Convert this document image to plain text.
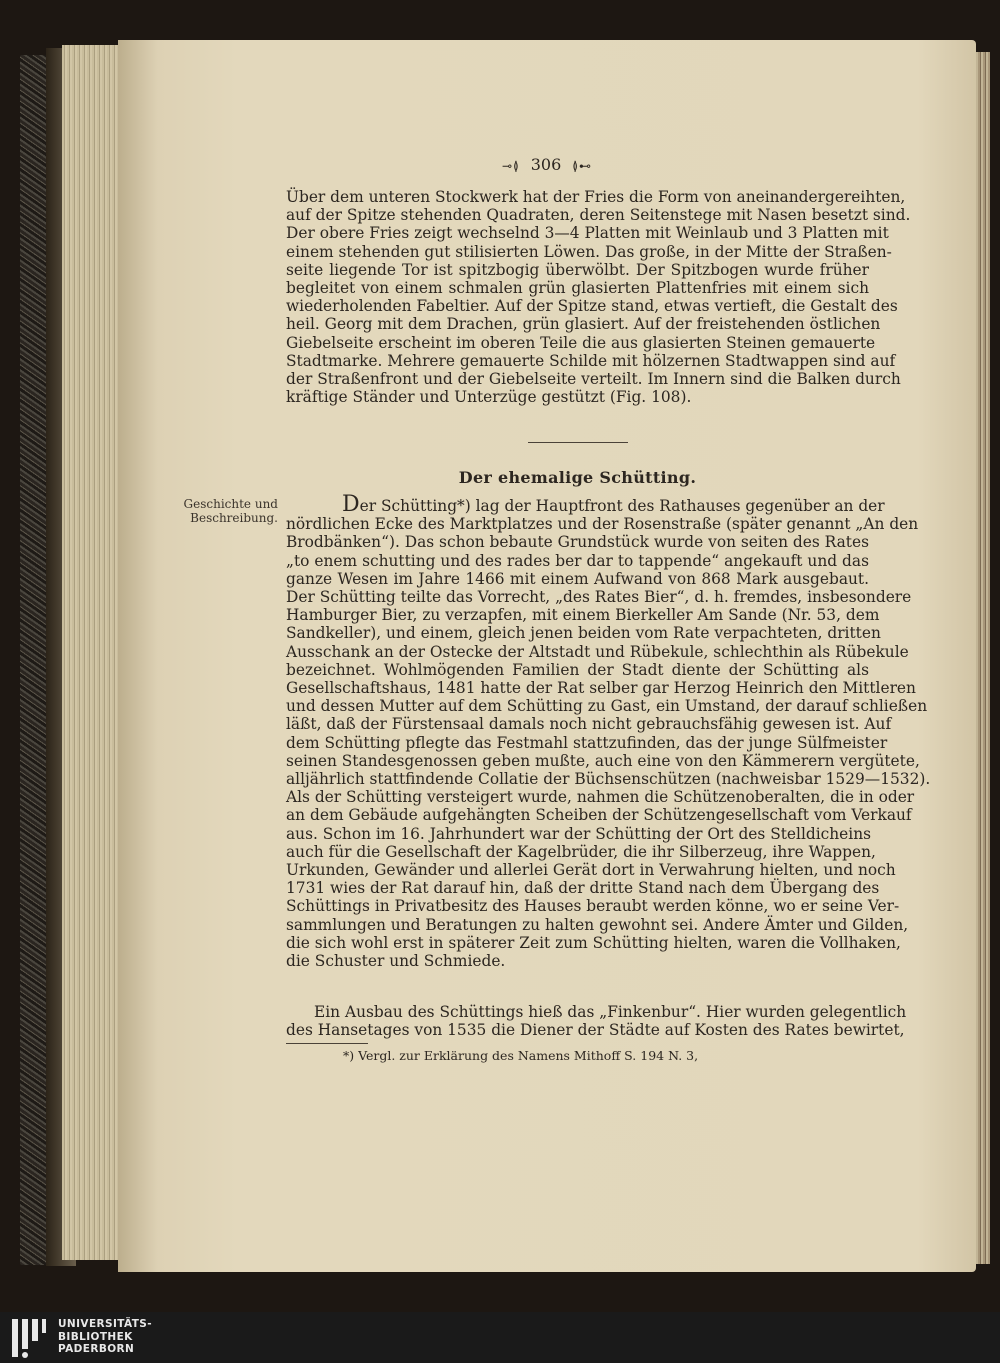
⊸≬ 306 ≬⊷
Über dem unteren Stockwerk hat der Fries die Form von aneinandergereihten,
auf der Spitze stehenden Quadraten, deren Seitenstege mit Nasen besetzt sind.
Der obere Fries zeigt wechselnd 3—4 Platten mit Weinlaub und 3 Platten mit
einem stehenden gut stilisierten Löwen. Das große, in der Mitte der Straßen-
seite liegende Tor ist spitzbogig überwölbt. Der Spitzbogen wurde früher
begleitet von einem schmalen grün glasierten Plattenfries mit einem sich
wiederholenden Fabeltier. Auf der Spitze stand, etwas vertieft, die Gestalt des
heil. Georg mit dem Drachen, grün glasiert. Auf der freistehenden östlichen
Giebelseite erscheint im oberen Teile die aus glasierten Steinen gemauerte
Stadtmarke. Mehrere gemauerte Schilde mit hölzernen Stadtwappen sind auf
der Straßenfront und der Giebelseite verteilt. Im Innern sind die Balken durch
kräftige Ständer und Unterzüge gestützt (Fig. 108).
Der ehemalige Schütting.
Geschichte und
Beschreibung.
Der Schütting*) lag der Hauptfront des Rathauses gegenüber an der
nördlichen Ecke des Marktplatzes und der Rosenstraße (später genannt „An den
Brodbänken“). Das schon bebaute Grundstück wurde von seiten des Rates
„to enem schutting und des rades ber dar to tappende“ angekauft und das
ganze Wesen im Jahre 1466 mit einem Aufwand von 868 Mark ausgebaut.
Der Schütting teilte das Vorrecht, „des Rates Bier“, d. h. fremdes, insbesondere
Hamburger Bier, zu verzapfen, mit einem Bierkeller Am Sande (Nr. 53, dem
Sandkeller), und einem, gleich jenen beiden vom Rate verpachteten, dritten
Ausschank an der Ostecke der Altstadt und Rübekule, schlechthin als Rübekule
bezeichnet. Wohlmögenden Familien der Stadt diente der Schütting als
Gesellschaftshaus, 1481 hatte der Rat selber gar Herzog Heinrich den Mittleren
und dessen Mutter auf dem Schütting zu Gast, ein Umstand, der darauf schließen
läßt, daß der Fürstensaal damals noch nicht gebrauchsfähig gewesen ist. Auf
dem Schütting pflegte das Festmahl stattzufinden, das der junge Sülfmeister
seinen Standesgenossen geben mußte, auch eine von den Kämmerern vergütete,
alljährlich stattfindende Collatie der Büchsenschützen (nachweisbar 1529—1532).
Als der Schütting versteigert wurde, nahmen die Schützenoberalten, die in oder
an dem Gebäude aufgehängten Scheiben der Schützengesellschaft vom Verkauf
aus. Schon im 16. Jahrhundert war der Schütting der Ort des Stelldicheins
auch für die Gesellschaft der Kagelbrüder, die ihr Silberzeug, ihre Wappen,
Urkunden, Gewänder und allerlei Gerät dort in Verwahrung hielten, und noch
1731 wies der Rat darauf hin, daß der dritte Stand nach dem Übergang des
Schüttings in Privatbesitz des Hauses beraubt werden könne, wo er seine Ver-
sammlungen und Beratungen zu halten gewohnt sei. Andere Ämter und Gilden,
die sich wohl erst in späterer Zeit zum Schütting hielten, waren die Vollhaken,
die Schuster und Schmiede.
Ein Ausbau des Schüttings hieß das „Finkenbur“. Hier wurden gelegentlich
des Hansetages von 1535 die Diener der Städte auf Kosten des Rates bewirtet,
*) Vergl. zur Erklärung des Namens Mithoff S. 194 N. 3,
UNIVERSITÄTS-
BIBLIOTHEK
PADERBORN
